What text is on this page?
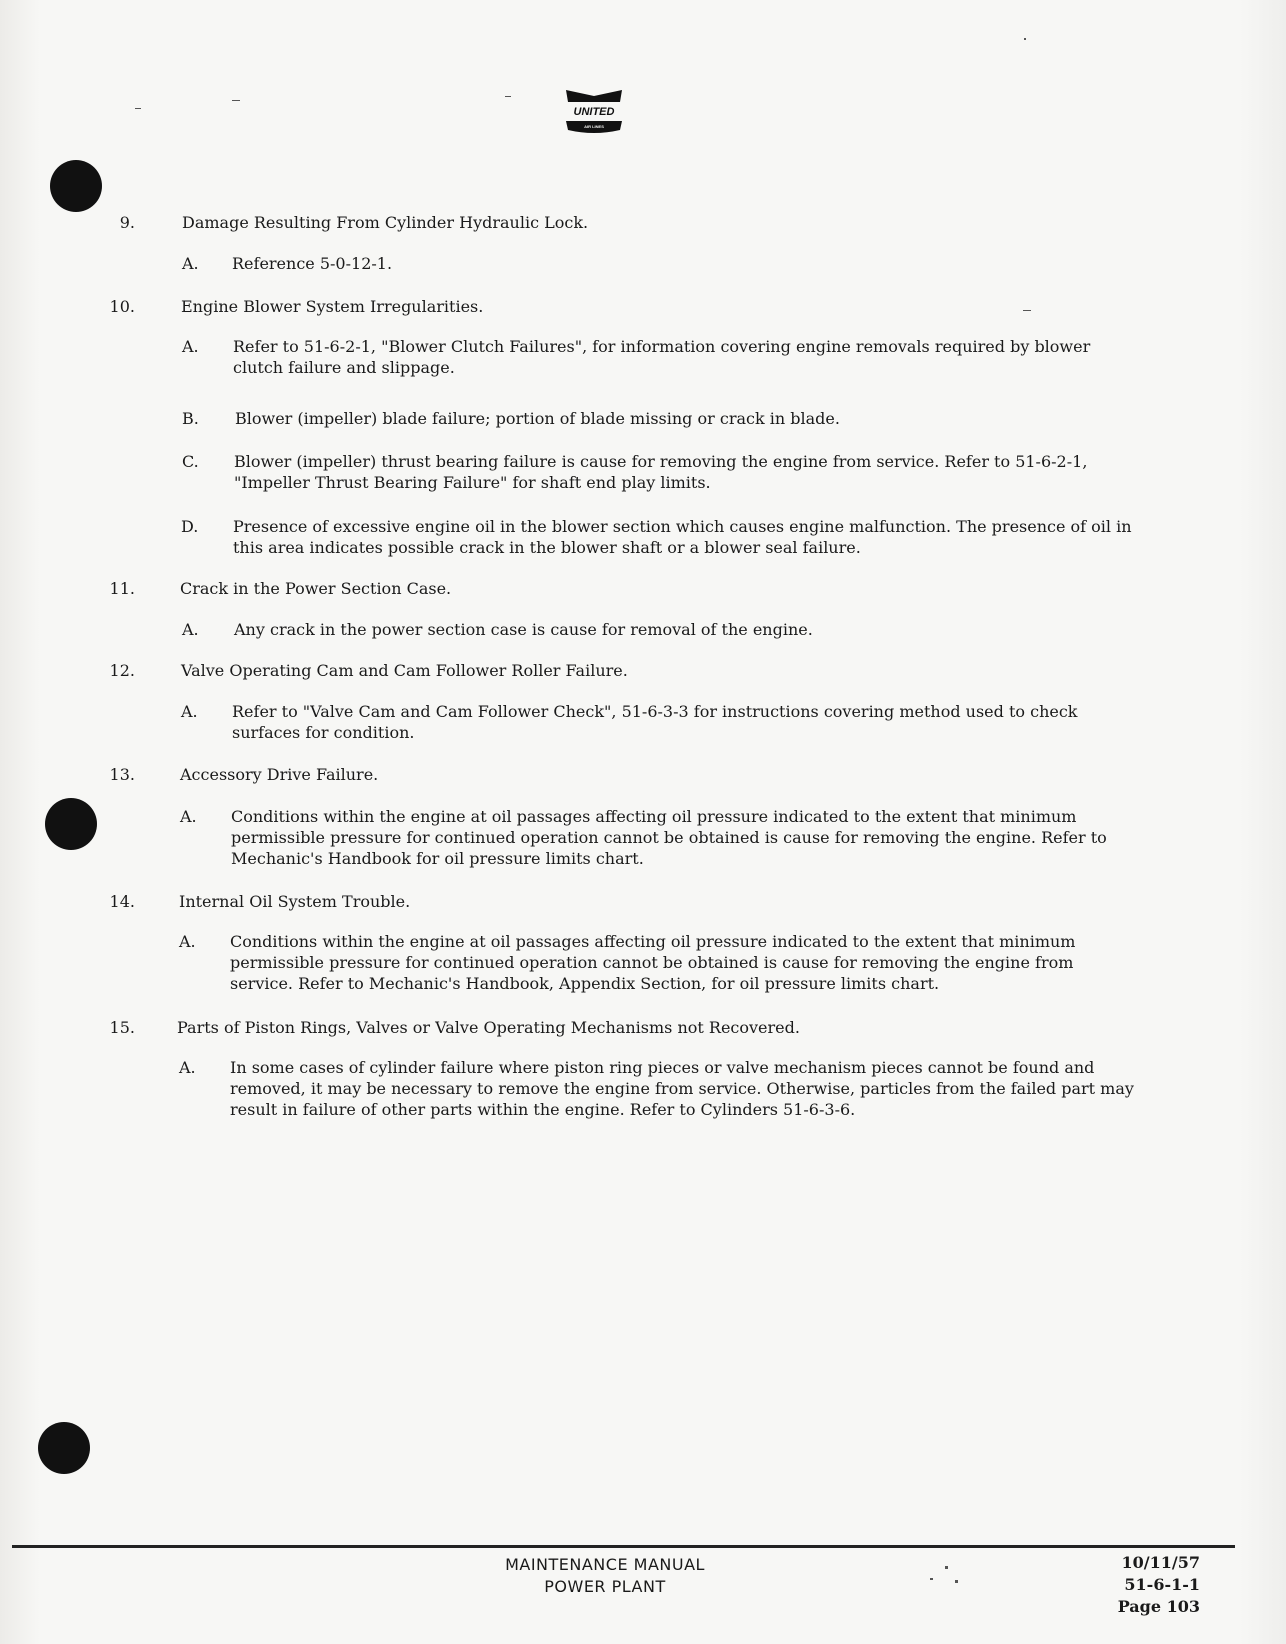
UNITED
AIR LINES
9.	Damage Resulting From Cylinder Hydraulic Lock.
A.	Reference 5-0-12-1.
10.	Engine Blower System Irregularities.
A.	Refer to 51-6-2-1, "Blower Clutch Failures", for information covering engine removals required by blower clutch failure and slippage.
B.	Blower (impeller) blade failure; portion of blade missing or crack in blade.
C.	Blower (impeller) thrust bearing failure is cause for removing the engine from service. Refer to 51-6-2-1, "Impeller Thrust Bearing Failure" for shaft end play limits.
D.	Presence of excessive engine oil in the blower section which causes engine malfunction. The presence of oil in this area indicates possible crack in the blower shaft or a blower seal failure.
11.	Crack in the Power Section Case.
A.	Any crack in the power section case is cause for removal of the engine.
12.	Valve Operating Cam and Cam Follower Roller Failure.
A.	Refer to "Valve Cam and Cam Follower Check", 51-6-3-3 for instructions covering method used to check surfaces for condition.
13.	Accessory Drive Failure.
A.	Conditions within the engine at oil passages affecting oil pressure indicated to the extent that minimum permissible pressure for continued operation cannot be obtained is cause for removing the engine. Refer to Mechanic's Handbook for oil pressure limits chart.
14.	Internal Oil System Trouble.
A.	Conditions within the engine at oil passages affecting oil pressure indicated to the extent that minimum permissible pressure for continued operation cannot be obtained is cause for removing the engine from service. Refer to Mechanic's Handbook, Appendix Section, for oil pressure limits chart.
15.	Parts of Piston Rings, Valves or Valve Operating Mechanisms not Recovered.
A.	In some cases of cylinder failure where piston ring pieces or valve mechanism pieces cannot be found and removed, it may be necessary to remove the engine from service. Otherwise, particles from the failed part may result in failure of other parts within the engine. Refer to Cylinders 51-6-3-6.
MAINTENANCE MANUAL
POWER PLANT
10/11/57
51-6-1-1
Page 103
